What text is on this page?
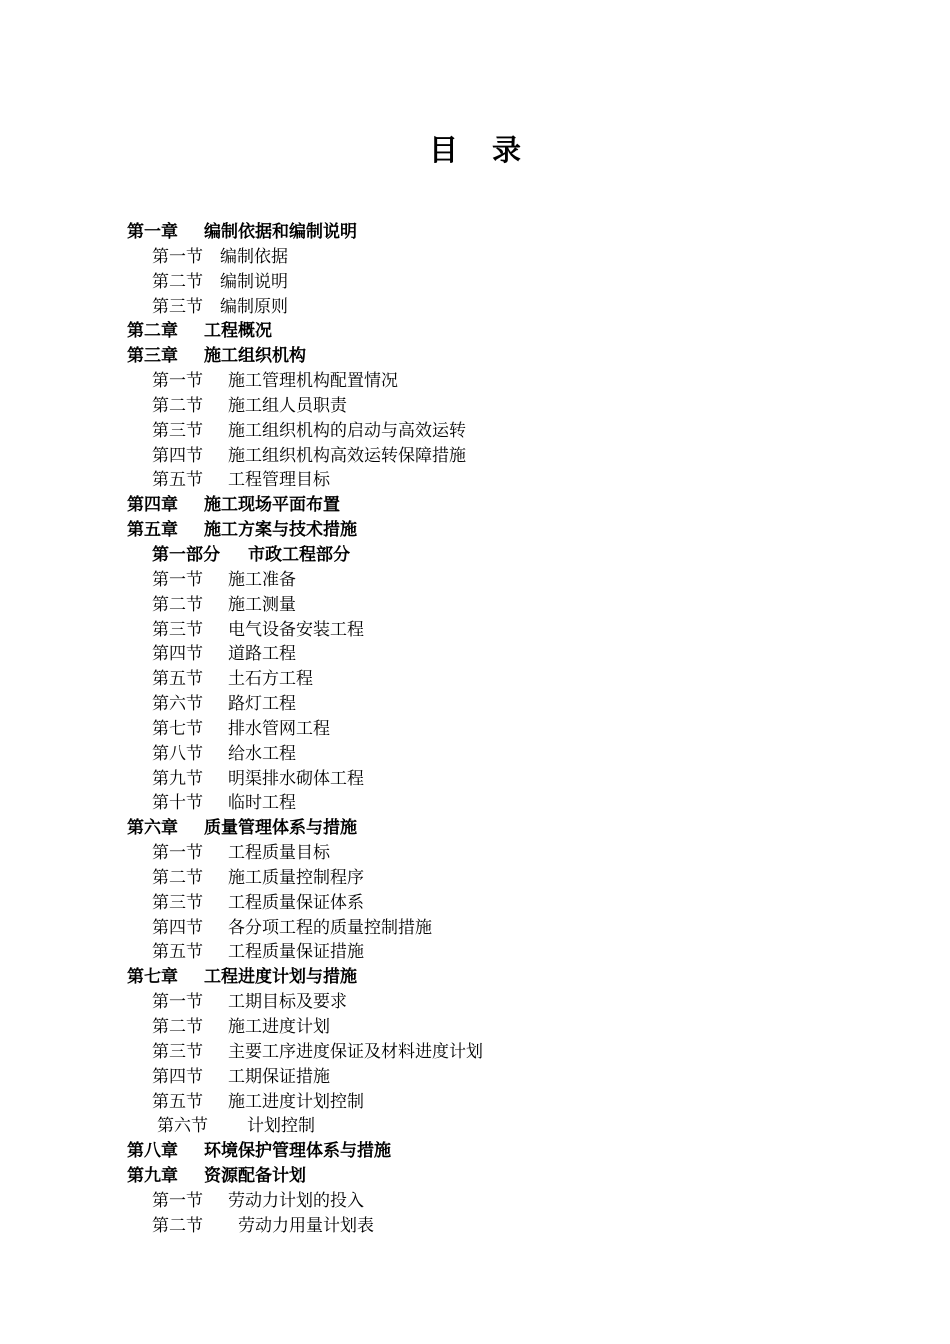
目录
第一章 编制依据和编制说明
第一节 编制依据
第二节 编制说明
第三节 编制原则
第二章 工程概况
第三章 施工组织机构
第一节 施工管理机构配置情况
第二节 施工组人员职责
第三节 施工组织机构的启动与高效运转
第四节 施工组织机构高效运转保障措施
第五节 工程管理目标
第四章 施工现场平面布置
第五章 施工方案与技术措施
第一部分 市政工程部分
第一节 施工准备
第二节 施工测量
第三节 电气设备安装工程
第四节 道路工程
第五节 土石方工程
第六节 路灯工程
第七节 排水管网工程
第八节 给水工程
第九节 明渠排水砌体工程
第十节 临时工程
第六章 质量管理体系与措施
第一节 工程质量目标
第二节 施工质量控制程序
第三节 工程质量保证体系
第四节 各分项工程的质量控制措施
第五节 工程质量保证措施
第七章 工程进度计划与措施
第一节 工期目标及要求
第二节 施工进度计划
第三节 主要工序进度保证及材料进度计划
第四节 工期保证措施
第五节 施工进度计划控制
第六节 计划控制
第八章 环境保护管理体系与措施
第九章 资源配备计划
第一节 劳动力计划的投入
第二节 劳动力用量计划表
